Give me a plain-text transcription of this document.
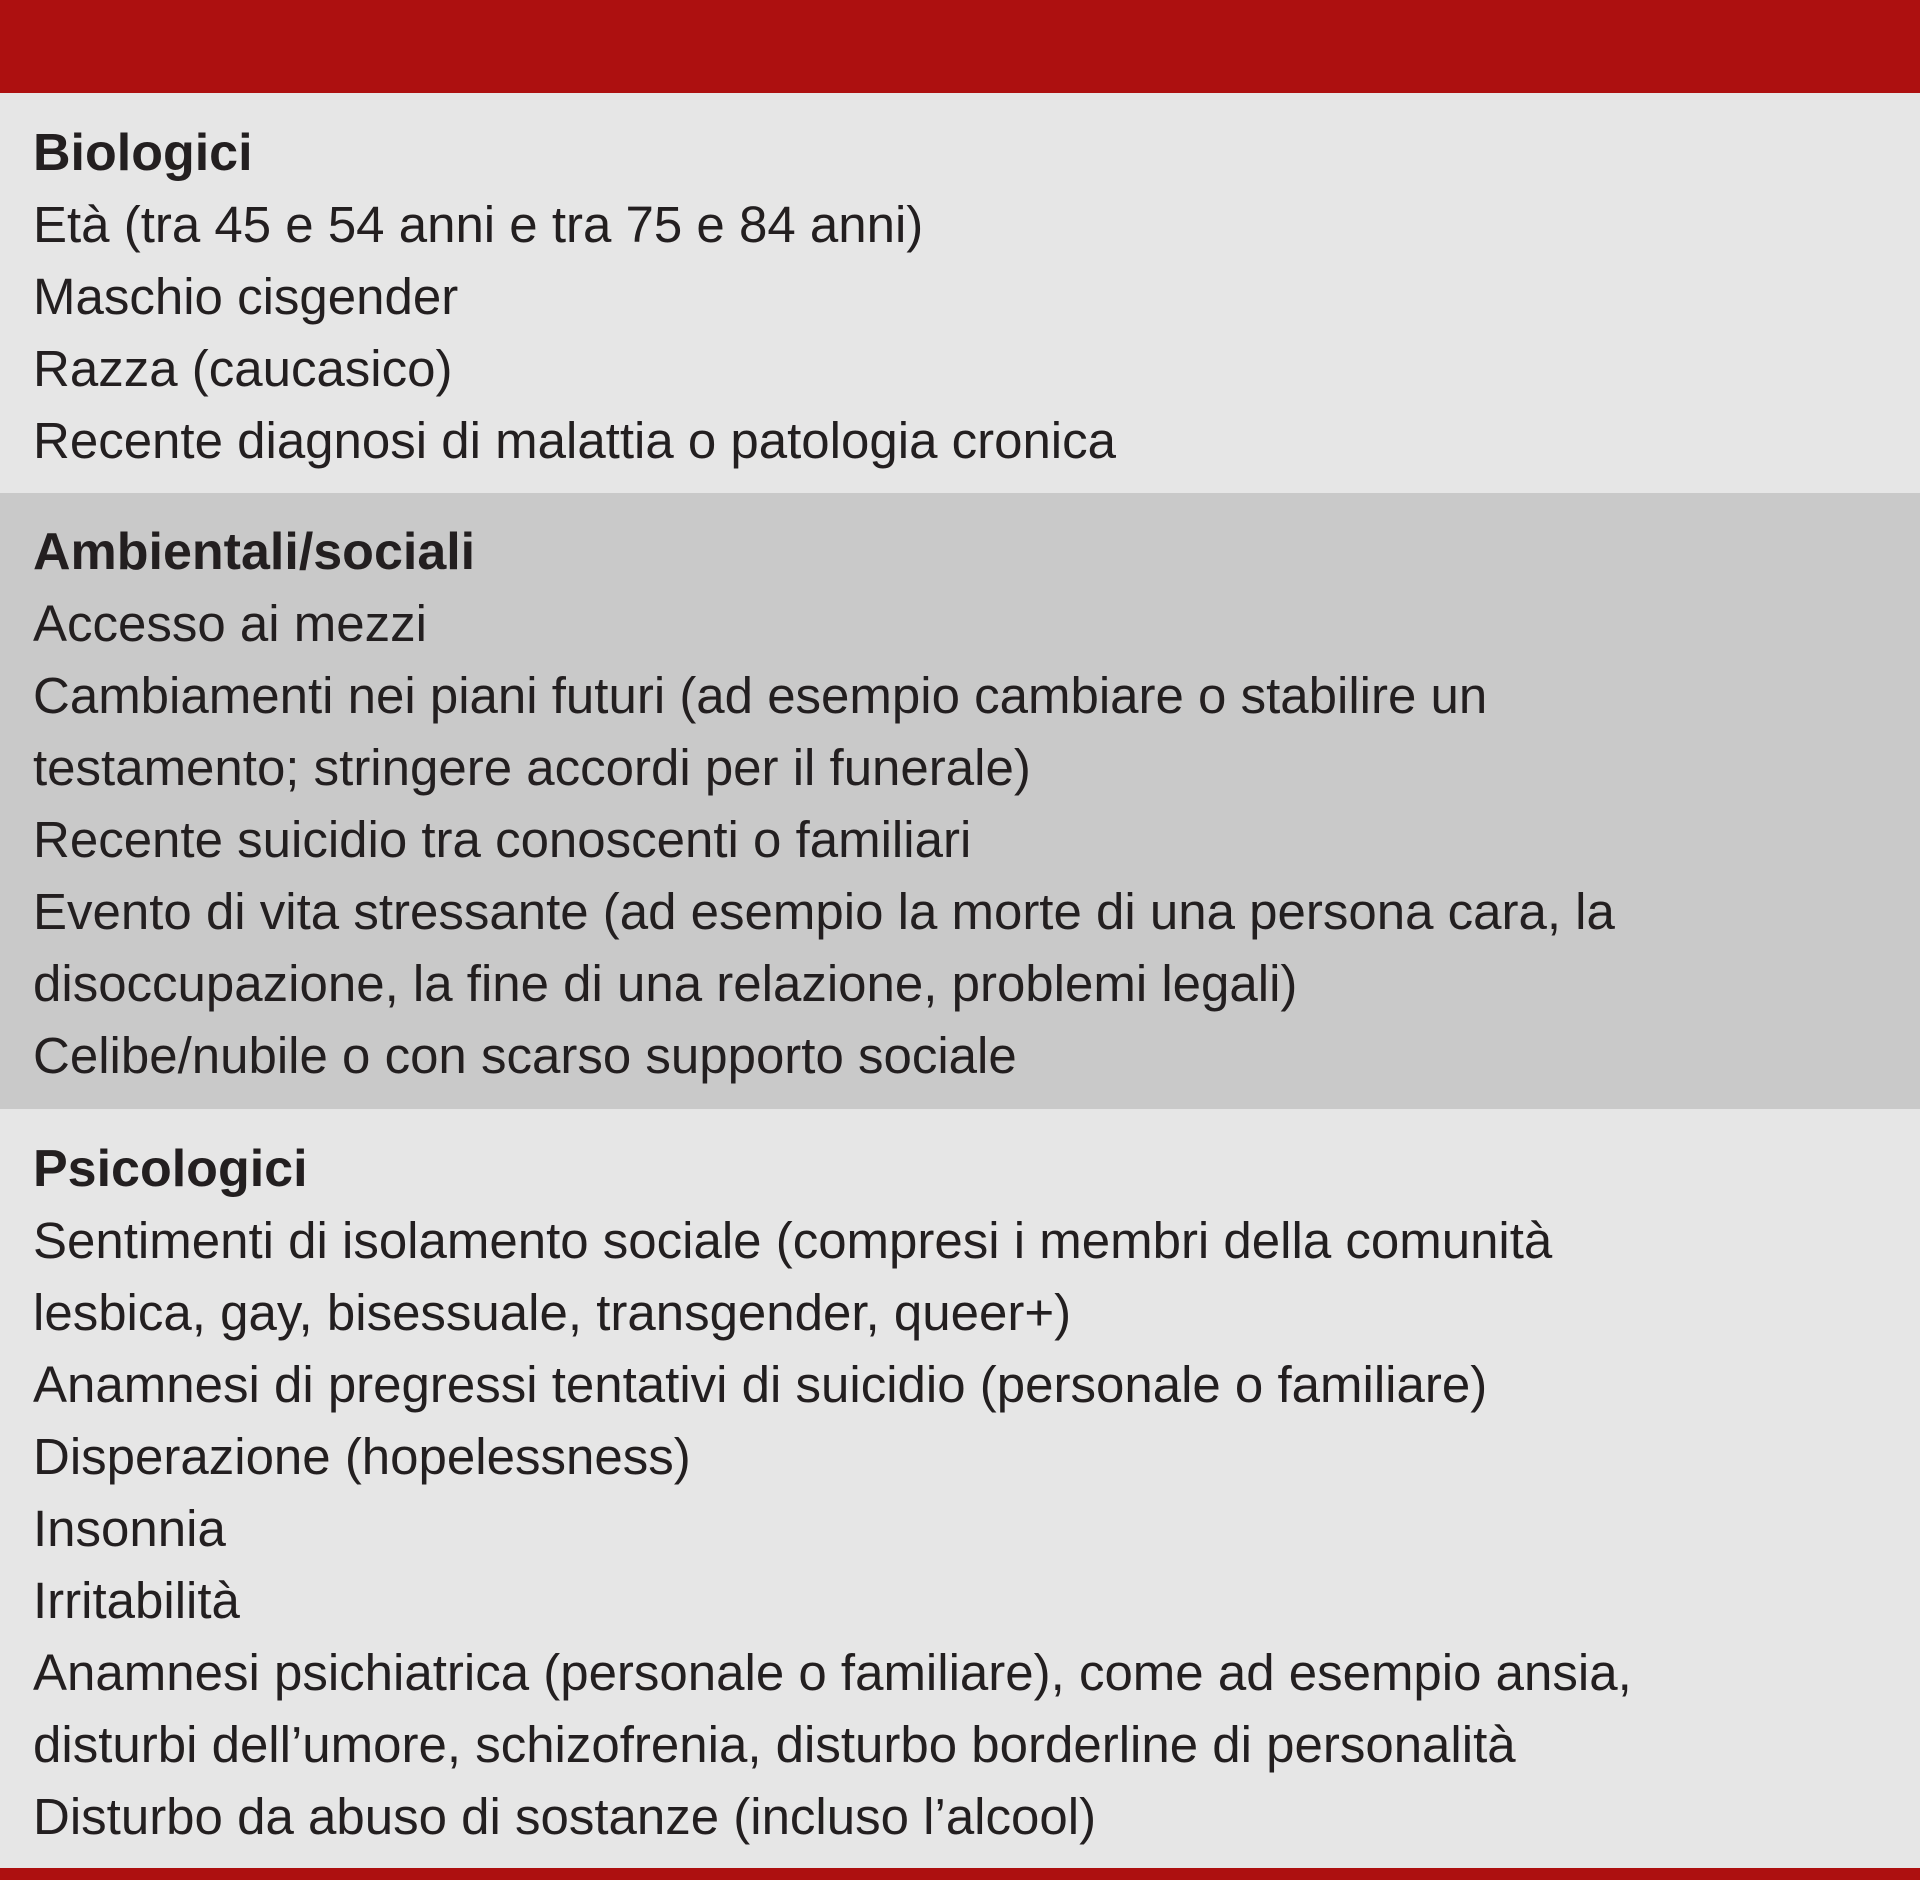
Biologici

Età (tra 45 e 54 anni e tra 75 e 84 anni)

Maschio cisgender

Razza (caucasico)

Recente diagnosi di malattia o patologia cronica

Ambientali/sociali

Accesso ai mezzi

Cambiamenti nei piani futuri (ad esempio cambiare o stabilire un

testamento; stringere accordi per il funerale)

Recente suicidio tra conoscenti o familiari

Evento di vita stressante (ad esempio la morte di una persona cara, la

disoccupazione, la fine di una relazione, problemi legali)

Celibe/nubile o con scarso supporto sociale

Psicologici

Sentimenti di isolamento sociale (compresi i membri della comunità

lesbica, gay, bisessuale, transgender, queer+)

Anamnesi di pregressi tentativi di suicidio (personale o familiare)

Disperazione (hopelessness)

Insonnia

Irritabilità

Anamnesi psichiatrica (personale o familiare), come ad esempio ansia,

disturbi dell’umore, schizofrenia, disturbo borderline di personalità

Disturbo da abuso di sostanze (incluso l’alcool)
